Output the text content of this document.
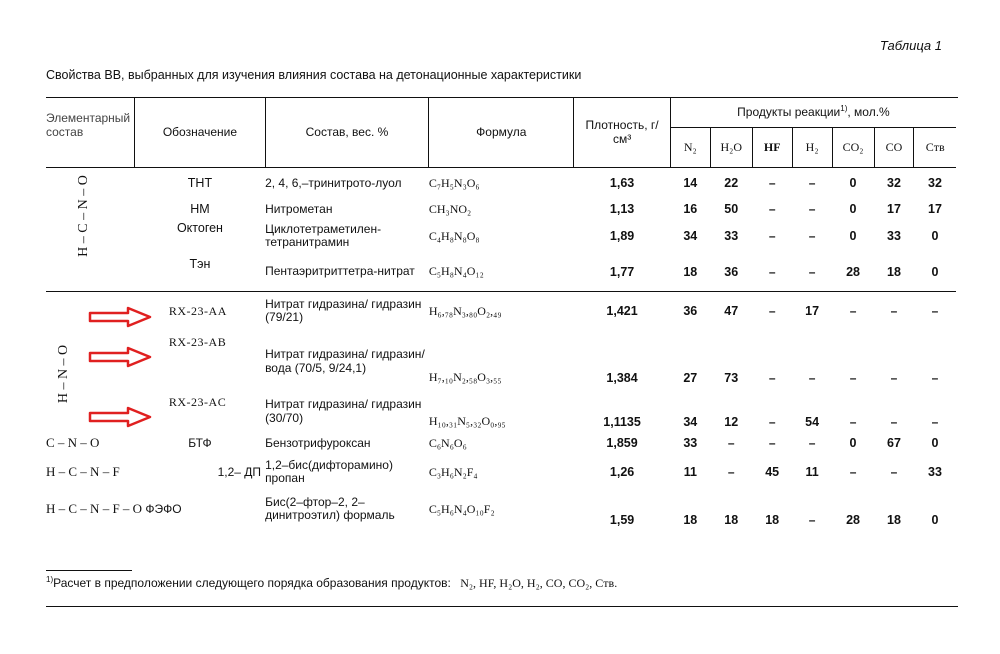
Таблица 1
Свойства ВВ, выбранных для изучения влияния состава на детонационные характеристики
Элементарный состав	Обозначение	Состав, вес. %	Формула	Плотность, г/см³	Продукты реакции$^{1)}$, мол.%						
					N₂	H₂O	HF	H₂	CO₂	CO	Cтв

H – C – N – O	ТНТ	2, 4, 6,–тринитрото-луол	C₇H₅N₃O₆	1,63	14	22	–	–	0	32	32
	НМ	Нитрометан	CH₃NO₂	1,13	16	50	–	–	0	17	17
	Октоген	Циклотетраметилен-тетранитрамин	C₄H₈N₈O₈	1,89	34	33	–	–	0	33	0
	Тэн	Пентаэритриттетра-нитрат	C₅H₈N₄O₁₂	1,77	18	36	–	–	28	18	0

H – N – O	RX-23-AA	Нитрат гидразина/ гидразин (79/21)	H₆,₇₈N₃,₈₀O₂,₄₉	1,421	36	47	–	17	–	–	–
	RX-23-AB	Нитрат гидразина/ гидразин/вода (70/5, 9/24,1)	H₇,₁₀N₂,₅₈O₃,₅₅	1,384	27	73	–	–	–	–	–
	RX-23-AC	Нитрат гидразина/ гидразин (30/70)	H₁₀,₃₁N₅,₃₂O₀,₉₅	1,1135	34	12	–	54	–	–	–
C – N – O	БТФ	Бензотрифуроксан	C₆N₆O₆	1,859	33	–	–	–	0	67	0
H – C – N – F	1,2– ДП	1,2–бис(дифторамино) пропан	C₃H₆N₂F₄	1,26	11	–	45	11	–	–	33
H – C – N – F – O ФЭФО		Бис(2–фтор–2, 2–динитроэтил) формаль	C₅H₆N₄O₁₀F₂	1,59	18	18	18	–	28	18	0
$^{1)}$Расчет в предположении следующего порядка образования продуктов: N₂, HF, H₂O, H₂, CO, CO₂, Cтв.
